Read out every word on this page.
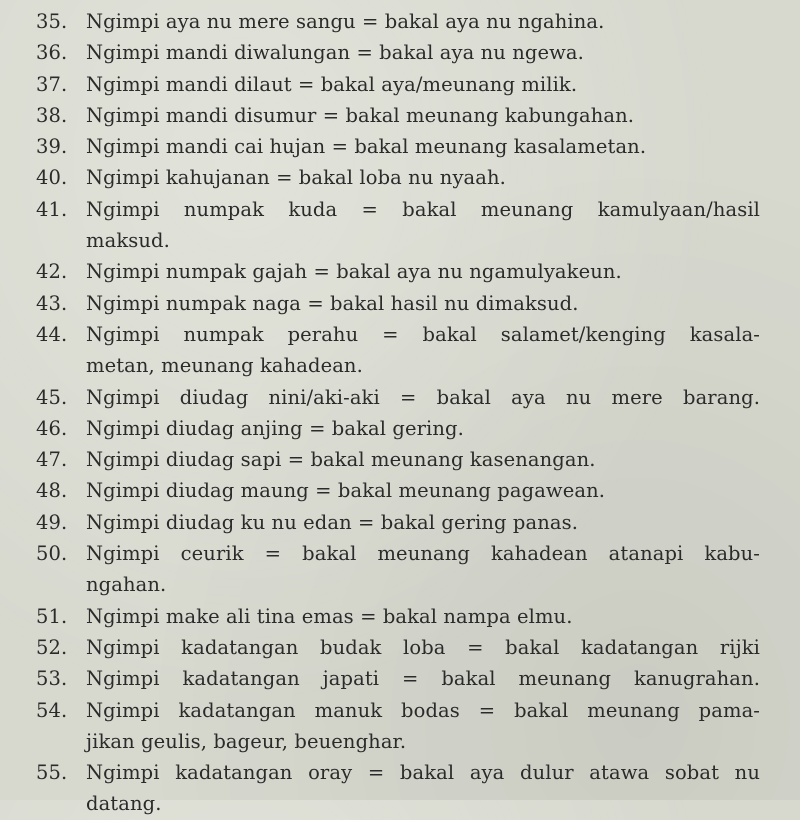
35. Ngimpi aya nu mere sangu = bakal aya nu ngahina.
36. Ngimpi mandi diwalungan = bakal aya nu ngewa.
37. Ngimpi mandi dilaut = bakal aya/meunang milik.
38. Ngimpi mandi disumur = bakal meunang kabungahan.
39. Ngimpi mandi cai hujan = bakal meunang kasalametan.
40. Ngimpi kahujanan = bakal loba nu nyaah.
41. Ngimpi numpak kuda = bakal meunang kamulyaan/hasil
maksud.
42. Ngimpi numpak gajah = bakal aya nu ngamulyakeun.
43. Ngimpi numpak naga = bakal hasil nu dimaksud.
44. Ngimpi numpak perahu = bakal salamet/kenging kasala-
metan, meunang kahadean.
45. Ngimpi diudag nini/aki-aki = bakal aya nu mere barang.
46. Ngimpi diudag anjing = bakal gering.
47. Ngimpi diudag sapi = bakal meunang kasenangan.
48. Ngimpi diudag maung = bakal meunang pagawean.
49. Ngimpi diudag ku nu edan = bakal gering panas.
50. Ngimpi ceurik = bakal meunang kahadean atanapi kabu-
ngahan.
51. Ngimpi make ali tina emas = bakal nampa elmu.
52. Ngimpi kadatangan budak loba = bakal kadatangan rijki
53. Ngimpi kadatangan japati = bakal meunang kanugrahan.
54. Ngimpi kadatangan manuk bodas = bakal meunang pama-
jikan geulis, bageur, beuenghar.
55. Ngimpi kadatangan oray = bakal aya dulur atawa sobat nu
datang.
